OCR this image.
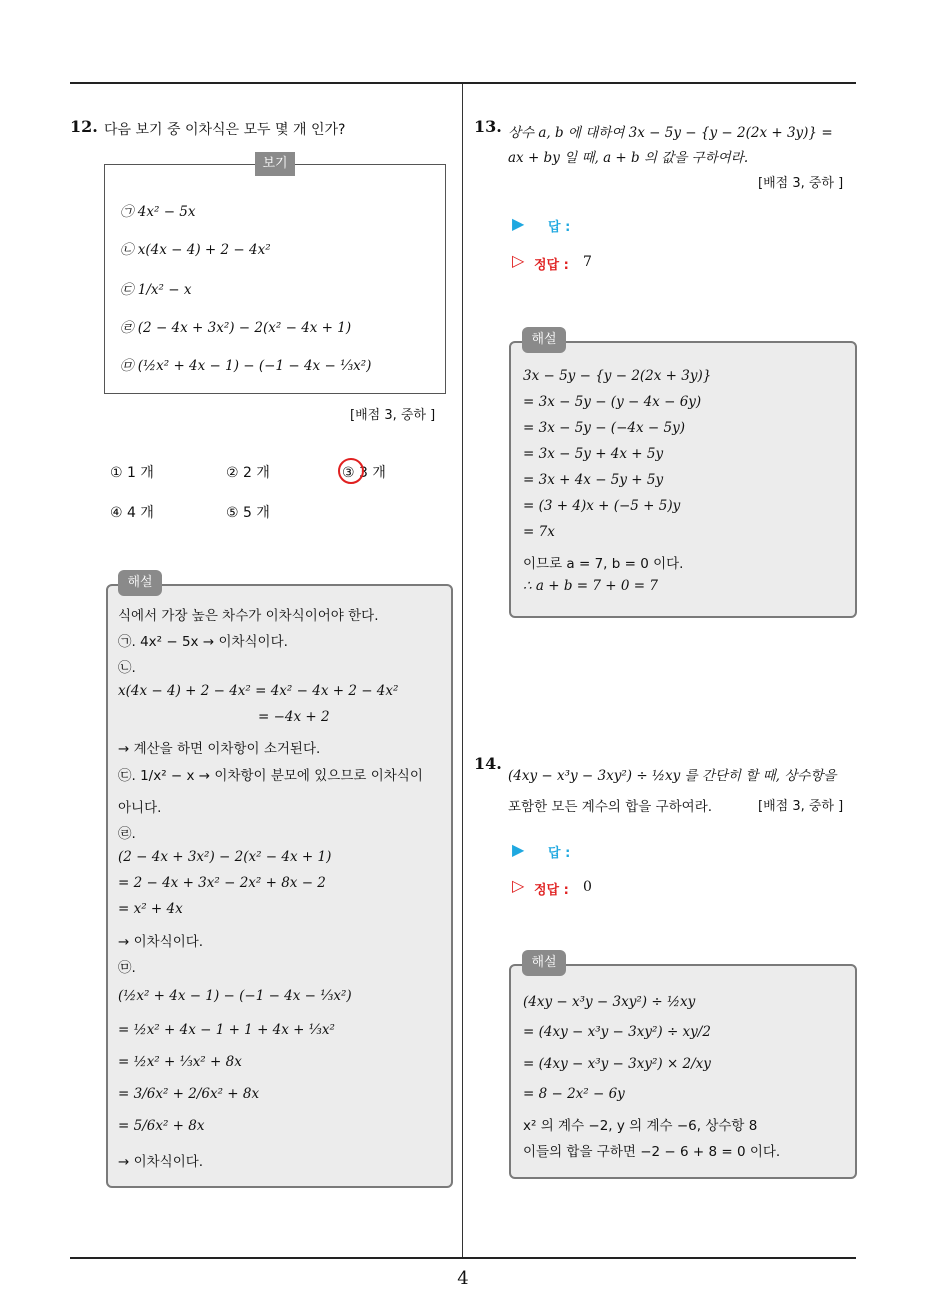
4
12. 다음 보기 중 이차식은 모두 몇 개 인가?
보기
㉠ 4x² − 5x
㉡ x(4x − 4) + 2 − 4x²
㉢ 1/x² − x
㉣ (2 − 4x + 3x²) − 2(x² − 4x + 1)
㉤ (½x² + 4x − 1) − (−1 − 4x − ⅓x²)
[배점 3, 중하 ]
① 1 개	② 2 개	③ 3 개
④ 4 개	⑤ 5 개
해설
식에서 가장 높은 차수가 이차식이어야 한다.
㉠. 4x² − 5x → 이차식이다.
㉡.
x(4x − 4) + 2 − 4x² = 4x² − 4x + 2 − 4x²
= −4x + 2
→ 계산을 하면 이차항이 소거된다.
㉢. 1/x² − x → 이차항이 분모에 있으므로 이차식이
아니다.
㉣.
(2 − 4x + 3x²) − 2(x² − 4x + 1)
= 2 − 4x + 3x² − 2x² + 8x − 2
= x² + 4x
→ 이차식이다.
㉤.
(½x² + 4x − 1) − (−1 − 4x − ⅓x²)
= ½x² + 4x − 1 + 1 + 4x + ⅓x²
= ½x² + ⅓x² + 8x
= 3/6x² + 2/6x² + 8x
= 5/6x² + 8x
→ 이차식이다.
13. 상수 a, b 에 대하여 3x − 5y − {y − 2(2x + 3y)} =
ax + by 일 때, a + b 의 값을 구하여라.
[배점 3, 중하 ]
▶ 답 :
▷ 정답 : 7
해설
3x − 5y − {y − 2(2x + 3y)}
= 3x − 5y − (y − 4x − 6y)
= 3x − 5y − (−4x − 5y)
= 3x − 5y + 4x + 5y
= 3x + 4x − 5y + 5y
= (3 + 4)x + (−5 + 5)y
= 7x
이므로 a = 7, b = 0 이다.
∴ a + b = 7 + 0 = 7
14.
(4xy − x³y − 3xy²) ÷ ½xy 를 간단히 할 때, 상수항을
포함한 모든 계수의 합을 구하여라.	[배점 3, 중하 ]
▶ 답 :
▷ 정답 : 0
해설
(4xy − x³y − 3xy²) ÷ ½xy
= (4xy − x³y − 3xy²) ÷ xy/2
= (4xy − x³y − 3xy²) × 2/xy
= 8 − 2x² − 6y
x² 의 계수 −2, y 의 계수 −6, 상수항 8
이들의 합을 구하면 −2 − 6 + 8 = 0 이다.
